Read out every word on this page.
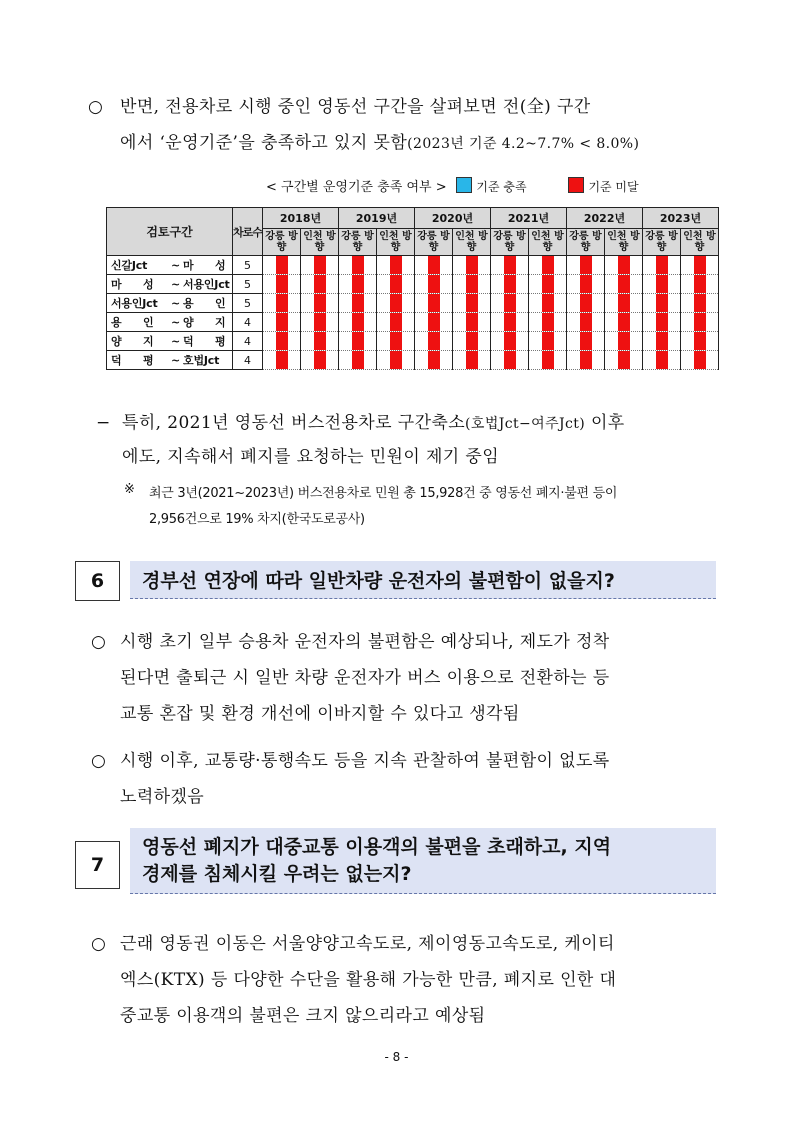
○ 반면, 전용차로 시행 중인 영동선 구간을 살펴보면 전(全) 구간
에서 ‘운영기준’을 충족하고 있지 못함(2023년 기준 4.2~7.7% < 8.0%)
< 구간별 운영기준 충족 여부 > 기준 충족	기준 미달
검토구간	차로수	2018년		2019년		2020년		2021년		2022년		2023년	
		강릉 방향	인천 방향	강릉 방향	인천 방향	강릉 방향	인천 방향	강릉 방향	인천 방향	강릉 방향	인천 방향	강릉 방향	인천 방향
신갈Jct ~ 마　　성	5	

마　　성 ~ 서용인Jct	5	

서용인Jct ~ 용　　인	5	

용　　인 ~ 양　　지	4	

양　　지 ~ 덕　　평	4	

덕　　평 ~ 호법Jct	4	

− 특히, 2021년 영동선 버스전용차로 구간축소(호법Jct−여주Jct) 이후
에도, 지속해서 폐지를 요청하는 민원이 제기 중임
※ 최근 3년(2021~2023년) 버스전용차로 민원 총 15,928건 중 영동선 폐지·불편 등이
2,956건으로 19% 차지(한국도로공사)
6	경부선 연장에 따라 일반차량 운전자의 불편함이 없을지?
○ 시행 초기 일부 승용차 운전자의 불편함은 예상되나, 제도가 정착
된다면 출퇴근 시 일반 차량 운전자가 버스 이용으로 전환하는 등
교통 혼잡 및 환경 개선에 이바지할 수 있다고 생각됨
○ 시행 이후, 교통량·통행속도 등을 지속 관찰하여 불편함이 없도록
노력하겠음
7
영동선 폐지가 대중교통 이용객의 불편을 초래하고, 지역
경제를 침체시킬 우려는 없는지?
○ 근래 영동권 이동은 서울양양고속도로, 제이영동고속도로, 케이티
엑스(KTX) 등 다양한 수단을 활용해 가능한 만큼, 폐지로 인한 대
중교통 이용객의 불편은 크지 않으리라고 예상됨
- 8 -
